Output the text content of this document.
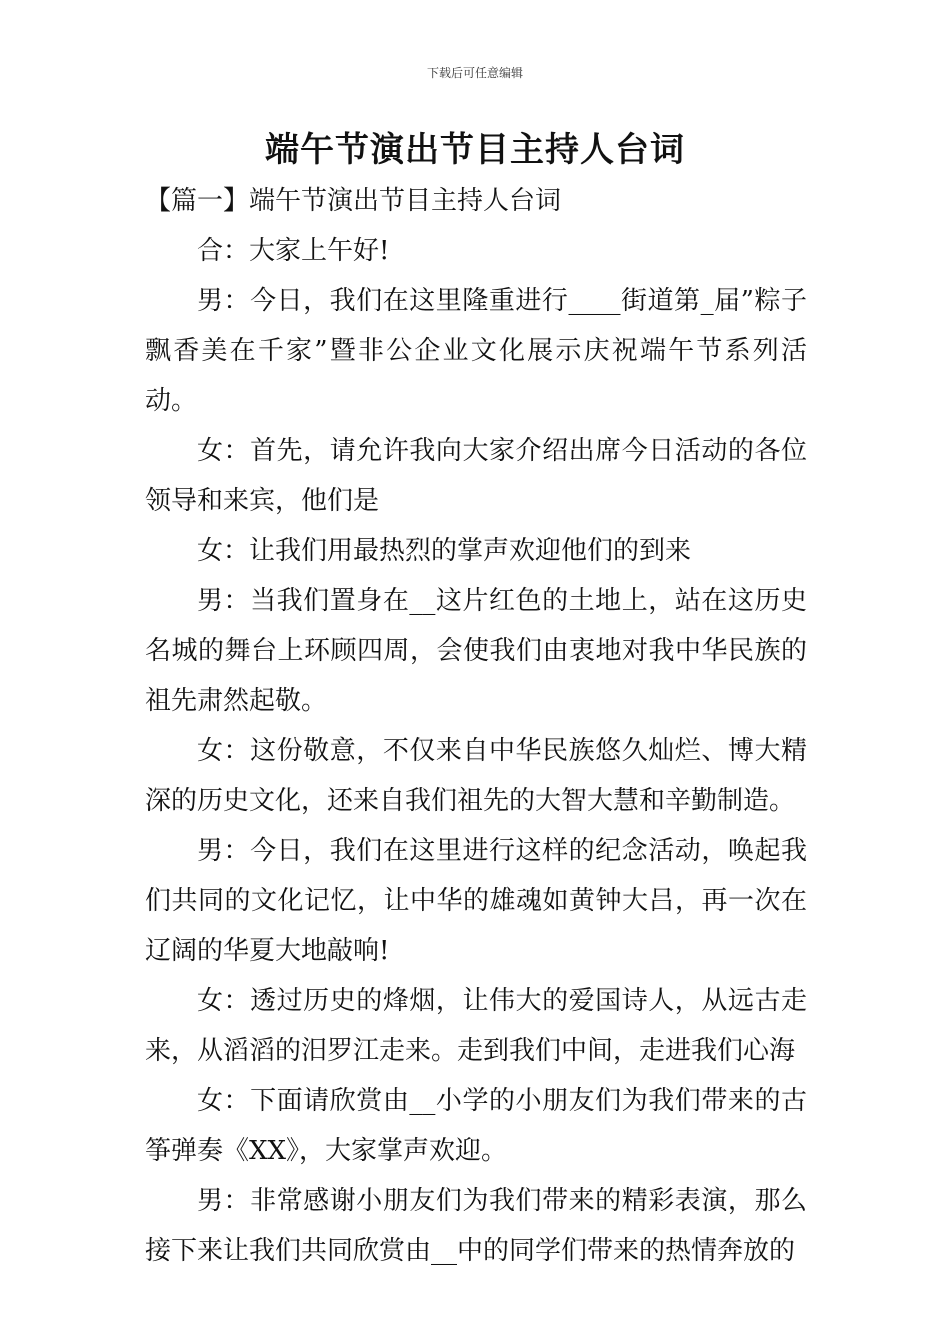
下载后可任意编辑
端午节演出节目主持人台词
【篇一】端午节演出节目主持人台词

合：大家上午好!

男：今日，我们在这里隆重进行____街道第_届”粽子飘香美在千家”暨非公企业文化展示庆祝端午节系列活动。

女：首先，请允许我向大家介绍出席今日活动的各位领导和来宾，他们是

女：让我们用最热烈的掌声欢迎他们的到来

男：当我们置身在__这片红色的土地上，站在这历史名城的舞台上环顾四周，会使我们由衷地对我中华民族的祖先肃然起敬。

女：这份敬意，不仅来自中华民族悠久灿烂、博大精深的历史文化，还来自我们祖先的大智大慧和辛勤制造。

男：今日，我们在这里进行这样的纪念活动，唤起我们共同的文化记忆，让中华的雄魂如黄钟大吕，再一次在辽阔的华夏大地敲响!

女：透过历史的烽烟，让伟大的爱国诗人，从远古走来，从滔滔的汨罗江走来。走到我们中间，走进我们心海

女：下面请欣赏由__小学的小朋友们为我们带来的古筝弹奏《XX》，大家掌声欢迎。

男：非常感谢小朋友们为我们带来的精彩表演，那么接下来让我们共同欣赏由__中的同学们带来的热情奔放的
